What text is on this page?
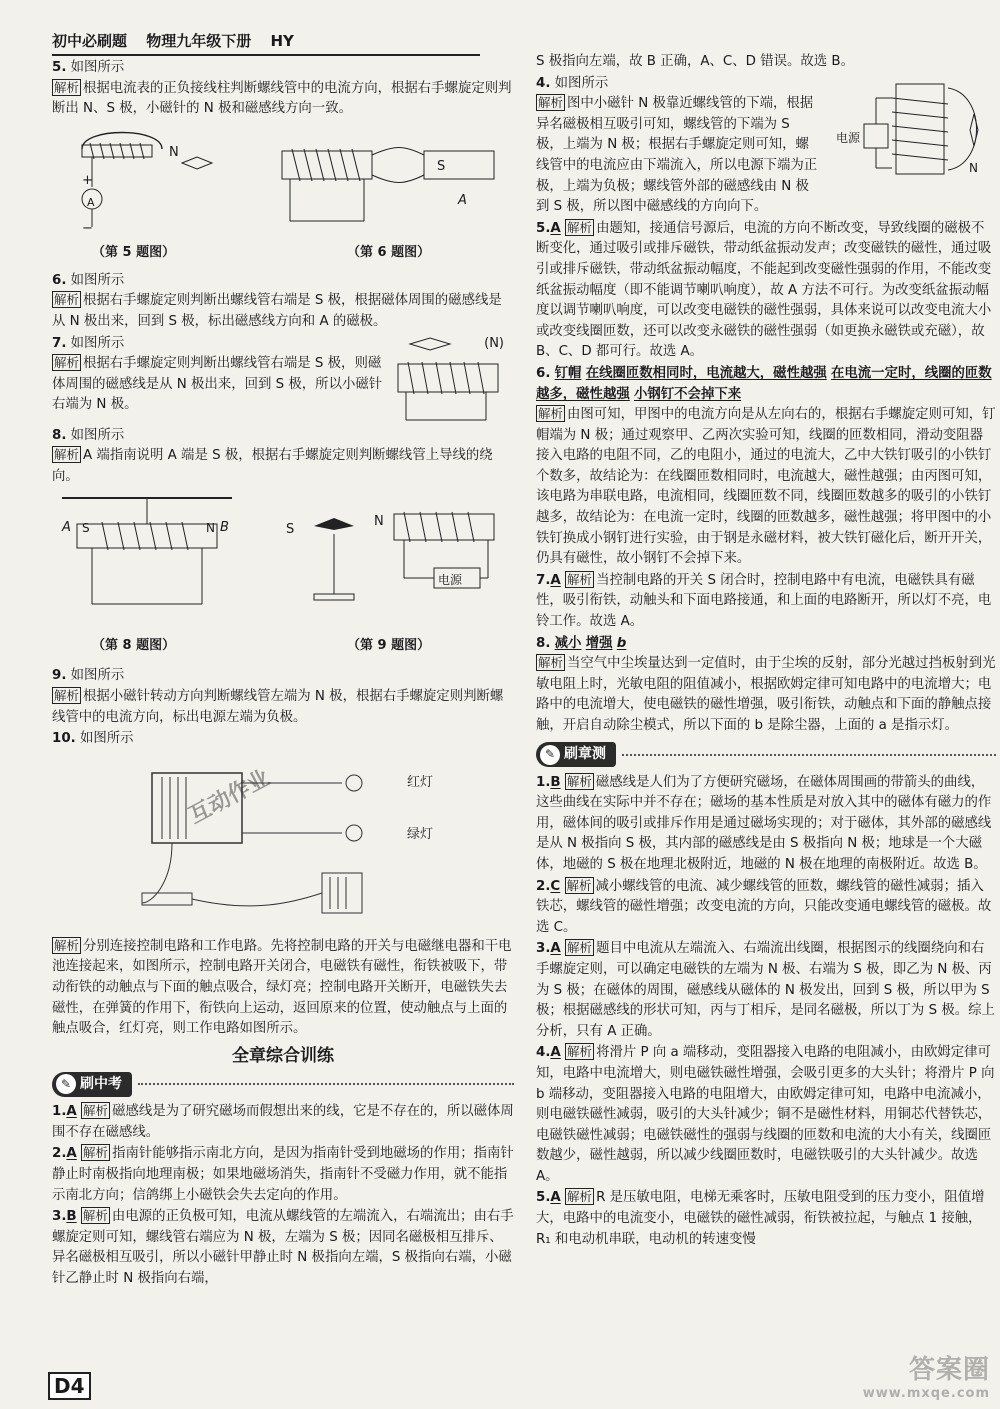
初中必刷题 物理九年级下册 HY
5. 如图所示
解析 根据电流表的正负接线柱判断螺线管中的电流方向，根据右手螺旋定则判断出 N、S 极，小磁针的 N 极和磁感线方向一致。
N
A
+
−
S
A
（第 5 题图）	（第 6 题图）
6. 如图所示
解析 根据右手螺旋定则判断出螺线管右端是 S 极，根据磁体周围的磁感线是从 N 极出来，回到 S 极，标出磁感线方向和 A 的磁极。
(N)
7. 如图所示
解析 根据右手螺旋定则判断出螺线管右端是 S 极，则磁体周围的磁感线是从 N 极出来，回到 S 极，所以小磁针右端为 N 极。
8. 如图所示
解析 A 端指南说明 A 端是 S 极，根据右手螺旋定则判断螺线管上导线的绕向。
A S	N B	S
N
电源
（第 8 题图）	（第 9 题图）
9. 如图所示
解析 根据小磁针转动方向判断螺线管左端为 N 极，根据右手螺旋定则判断螺线管中的电流方向，标出电源左端为负极。
10. 如图所示
红灯
绿灯
解析 分别连接控制电路和工作电路。先将控制电路的开关与电磁继电器和干电池连接起来，如图所示，控制电路开关闭合，电磁铁有磁性，衔铁被吸下，带动衔铁的动触点与下面的触点吸合，绿灯亮；控制电路开关断开，电磁铁失去磁性，在弹簧的作用下，衔铁向上运动，返回原来的位置，使动触点与上面的触点吸合，红灯亮，则工作电路如图所示。
全章综合训练
✎ 刷中考
1.A 解析 磁感线是为了研究磁场而假想出来的线，它是不存在的，所以磁体周围不存在磁感线。
2.A 解析 指南针能够指示南北方向，是因为指南针受到地磁场的作用；指南针静止时南极指向地理南极；如果地磁场消失，指南针不受磁力作用，就不能指示南北方向；信鸽绑上小磁铁会失去定向的作用。
3.B 解析 由电源的正负极可知，电流从螺线管的左端流入，右端流出；由右手螺旋定则可知，螺线管右端应为 N 极，左端为 S 极；因同名磁极相互排斥、异名磁极相互吸引，所以小磁针甲静止时 N 极指向左端，S 极指向右端，小磁针乙静止时 N 极指向右端，
S 极指向左端，故 B 正确，A、C、D 错误。故选 B。
电源
N
4. 如图所示
解析 图中小磁针 N 极靠近螺线管的下端，根据异名磁极相互吸引可知，螺线管的下端为 S 极，上端为 N 极；根据右手螺旋定则可知，螺线管中的电流应由下端流入，所以电源下端为正极，上端为负极；螺线管外部的磁感线由 N 极到 S 极，所以图中磁感线的方向向下。
5.A 解析 由题知，接通信号源后，电流的方向不断改变，导致线圈的磁极不断变化，通过吸引或排斥磁铁，带动纸盆振动发声；改变磁铁的磁性，通过吸引或排斥磁铁，带动纸盆振动幅度，不能起到改变磁性强弱的作用，不能改变纸盆振动幅度（即不能调节喇叭响度），故 A 方法不可行。为改变纸盆振动幅度以调节喇叭响度，可以改变电磁铁的磁性强弱，具体来说可以改变电流大小或改变线圈匝数，还可以改变永磁铁的磁性强弱（如更换永磁铁或充磁），故 B、C、D 都可行。故选 A。
6. 钉帽 在线圈匝数相同时，电流越大，磁性越强 在电流一定时，线圈的匝数越多，磁性越强 小钢钉不会掉下来
解析 由图可知，甲图中的电流方向是从左向右的，根据右手螺旋定则可知，钉帽端为 N 极；通过观察甲、乙两次实验可知，线圈的匝数相同，滑动变阻器接入电路的电阻不同，乙的电阻小，通过的电流大，乙中大铁钉吸引的小铁钉个数多，故结论为：在线圈匝数相同时，电流越大，磁性越强；由丙图可知，该电路为串联电路，电流相同，线圈匝数不同，线圈匝数越多的吸引的小铁钉越多，故结论为：在电流一定时，线圈的匝数越多，磁性越强；将甲图中的小铁钉换成小钢钉进行实验，由于钢是永磁材料，被大铁钉磁化后，断开开关，仍具有磁性，故小钢钉不会掉下来。
7.A 解析 当控制电路的开关 S 闭合时，控制电路中有电流，电磁铁具有磁性，吸引衔铁，动触头和下面电路接通，和上面的电路断开，所以灯不亮，电铃工作。故选 A。
8. 减小 增强 b
解析 当空气中尘埃量达到一定值时，由于尘埃的反射，部分光越过挡板射到光敏电阻上时，光敏电阻的阻值减小，根据欧姆定律可知电路中的电流增大；电路中的电流增大，使电磁铁的磁性增强，吸引衔铁，动触点和下面的静触点接触，开启自动除尘模式，所以下面的 b 是除尘器，上面的 a 是指示灯。
✎ 刷章测
1.B 解析 磁感线是人们为了方便研究磁场，在磁体周围画的带箭头的曲线，这些曲线在实际中并不存在；磁场的基本性质是对放入其中的磁体有磁力的作用，磁体间的吸引或排斥作用是通过磁场实现的；对于磁体，其外部的磁感线是从 N 极指向 S 极，其内部的磁感线是由 S 极指向 N 极；地球是一个大磁体，地磁的 S 极在地理北极附近，地磁的 N 极在地理的南极附近。故选 B。
2.C 解析 减小螺线管的电流、减少螺线管的匝数，螺线管的磁性减弱；插入铁芯，螺线管的磁性增强；改变电流的方向，只能改变通电螺线管的磁极。故选 C。
3.A 解析 题目中电流从左端流入、右端流出线圈，根据图示的线圈绕向和右手螺旋定则，可以确定电磁铁的左端为 N 极、右端为 S 极，即乙为 N 极、丙为 S 极；在磁体的周围，磁感线从磁体的 N 极发出，回到 S 极，所以甲为 S 极；根据磁感线的形状可知，丙与丁相斥，是同名磁极，所以丁为 S 极。综上分析，只有 A 正确。
4.A 解析 将滑片 P 向 a 端移动，变阻器接入电路的电阻减小，由欧姆定律可知，电路中电流增大，则电磁铁磁性增强，会吸引更多的大头针；将滑片 P 向 b 端移动，变阻器接入电路的电阻增大，由欧姆定律可知，电路中电流减小，则电磁铁磁性减弱，吸引的大头针减少；铜不是磁性材料，用铜芯代替铁芯，电磁铁磁性减弱；电磁铁磁性的强弱与线圈的匝数和电流的大小有关，线圈匝数越少，磁性越弱，所以减少线圈匝数时，电磁铁吸引的大头针减少。故选 A。
5.A 解析 R 是压敏电阻，电梯无乘客时，压敏电阻受到的压力变小，阻值增大，电路中的电流变小，电磁铁的磁性减弱，衔铁被拉起，与触点 1 接触，R₁ 和电动机串联，电动机的转速变慢
互动作业
D4
答案圈
www.mxqe.com
